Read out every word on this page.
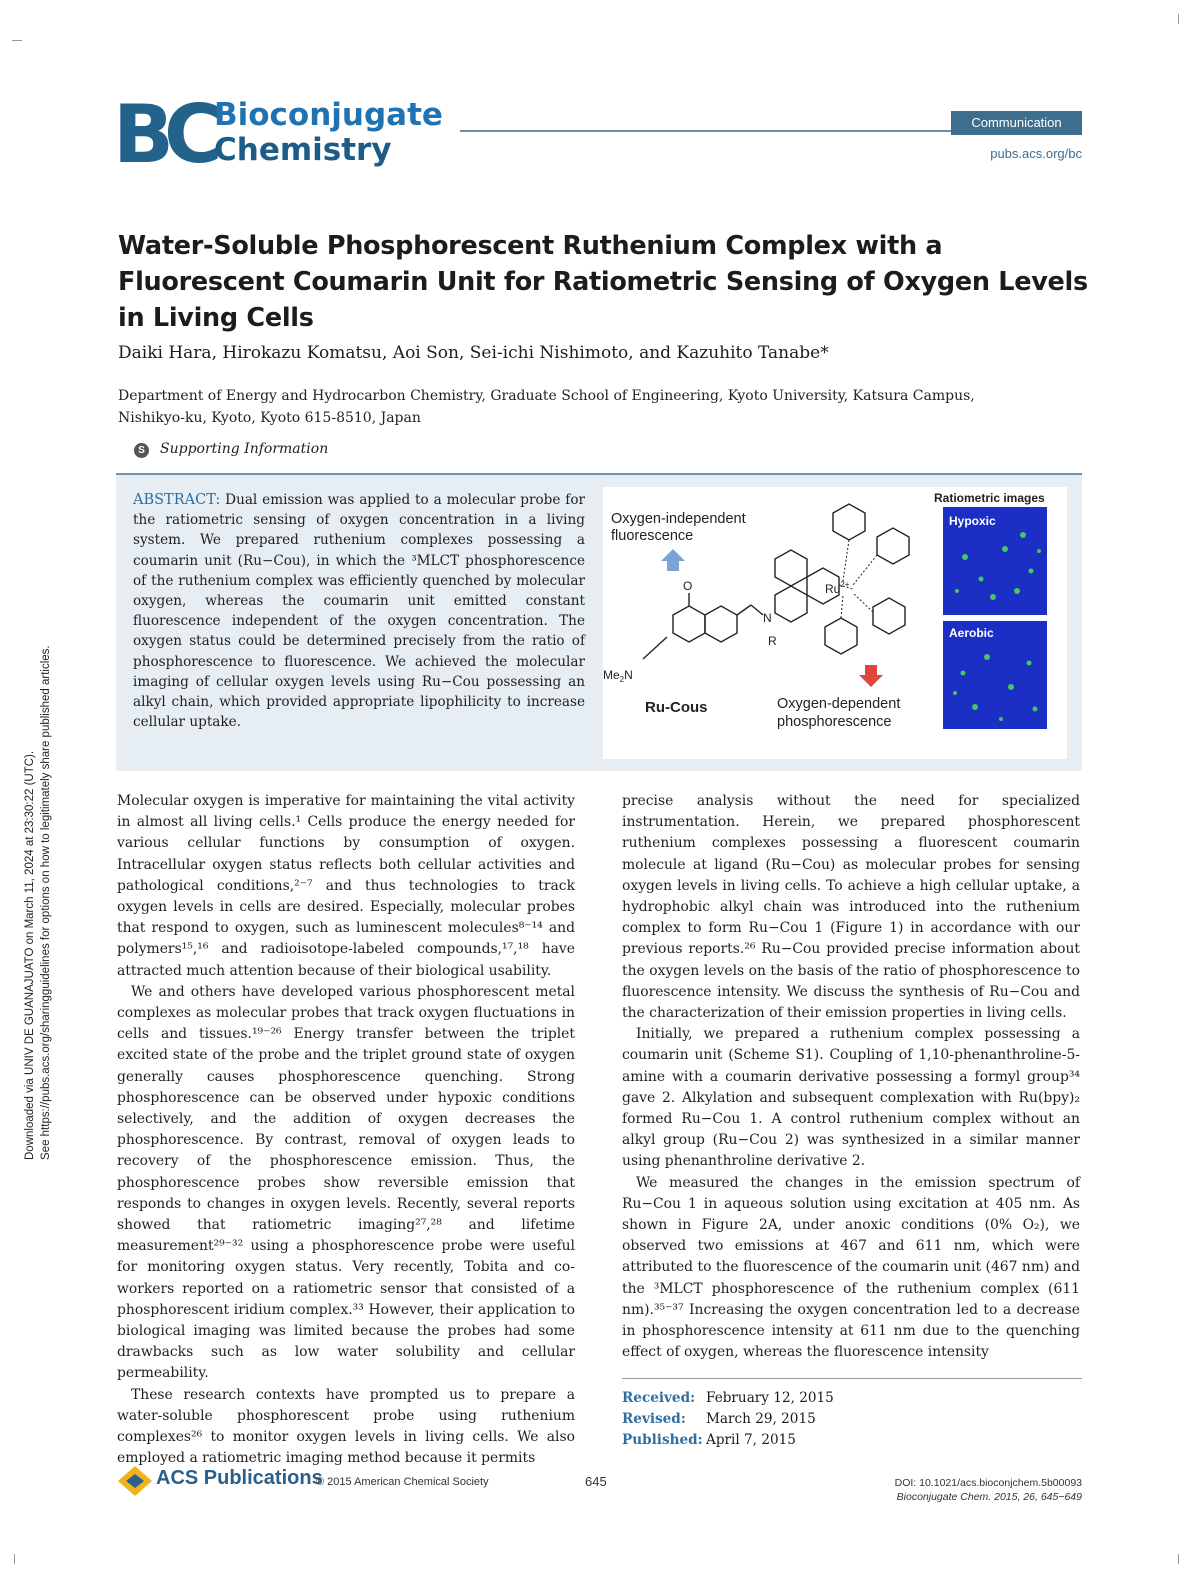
BC Bioconjugate
Chemistry
Communication
pubs.acs.org/bc
Water-Soluble Phosphorescent Ruthenium Complex with a Fluorescent Coumarin Unit for Ratiometric Sensing of Oxygen Levels in Living Cells
Daiki Hara, Hirokazu Komatsu, Aoi Son, Sei-ichi Nishimoto, and Kazuhito Tanabe*
Department of Energy and Hydrocarbon Chemistry, Graduate School of Engineering, Kyoto University, Katsura Campus,
Nishikyo-ku, Kyoto, Kyoto 615-8510, Japan
S Supporting Information
ABSTRACT: Dual emission was applied to a molecular probe for the ratiometric sensing of oxygen concentration in a living system. We prepared ruthenium complexes possessing a coumarin unit (Ru−Cou), in which the ³MLCT phosphorescence of the ruthenium complex was efficiently quenched by molecular oxygen, whereas the coumarin unit emitted constant fluorescence independent of the oxygen concentration. The oxygen status could be determined precisely from the ratio of phosphorescence to fluorescence. We achieved the molecular imaging of cellular oxygen levels using Ru−Cou possessing an alkyl chain, which provided appropriate lipophilicity to increase cellular uptake.
Oxygen-independent
fluorescence
O
N
R
$Me_2N$
Ru-Cous
$Ru^{2+}$
Oxygen-dependent
phosphorescence
Ratiometric images
Hypoxic
Aerobic

Molecular oxygen is imperative for maintaining the vital activity in almost all living cells.¹ Cells produce the energy needed for various cellular functions by consumption of oxygen. Intracellular oxygen status reflects both cellular activities and pathological conditions,²⁻⁷ and thus technologies to track oxygen levels in cells are desired. Especially, molecular probes that respond to oxygen, such as luminescent molecules⁸⁻¹⁴ and polymers¹⁵,¹⁶ and radioisotope-labeled compounds,¹⁷,¹⁸ have attracted much attention because of their biological usability.

We and others have developed various phosphorescent metal complexes as molecular probes that track oxygen fluctuations in cells and tissues.¹⁹⁻²⁶ Energy transfer between the triplet excited state of the probe and the triplet ground state of oxygen generally causes phosphorescence quenching. Strong phosphorescence can be observed under hypoxic conditions selectively, and the addition of oxygen decreases the phosphorescence. By contrast, removal of oxygen leads to recovery of the phosphorescence emission. Thus, the phosphorescence probes show reversible emission that responds to changes in oxygen levels. Recently, several reports showed that ratiometric imaging²⁷,²⁸ and lifetime measurement²⁹⁻³² using a phosphorescence probe were useful for monitoring oxygen status. Very recently, Tobita and co-workers reported on a ratiometric sensor that consisted of a phosphorescent iridium complex.³³ However, their application to biological imaging was limited because the probes had some drawbacks such as low water solubility and cellular permeability.

These research contexts have prompted us to prepare a water-soluble phosphorescent probe using ruthenium complexes²⁶ to monitor oxygen levels in living cells. We also employed a ratiometric imaging method because it permits

precise analysis without the need for specialized instrumentation. Herein, we prepared phosphorescent ruthenium complexes possessing a fluorescent coumarin molecule at ligand (Ru−Cou) as molecular probes for sensing oxygen levels in living cells. To achieve a high cellular uptake, a hydrophobic alkyl chain was introduced into the ruthenium complex to form Ru−Cou 1 (Figure 1) in accordance with our previous reports.²⁶ Ru−Cou provided precise information about the oxygen levels on the basis of the ratio of phosphorescence to fluorescence intensity. We discuss the synthesis of Ru−Cou and the characterization of their emission properties in living cells.

Initially, we prepared a ruthenium complex possessing a coumarin unit (Scheme S1). Coupling of 1,10-phenanthroline-5-amine with a coumarin derivative possessing a formyl group³⁴ gave 2. Alkylation and subsequent complexation with Ru(bpy)₂ formed Ru−Cou 1. A control ruthenium complex without an alkyl group (Ru−Cou 2) was synthesized in a similar manner using phenanthroline derivative 2.

We measured the changes in the emission spectrum of Ru−Cou 1 in aqueous solution using excitation at 405 nm. As shown in Figure 2A, under anoxic conditions (0% O₂), we observed two emissions at 467 and 611 nm, which were attributed to the fluorescence of the coumarin unit (467 nm) and the ³MLCT phosphorescence of the ruthenium complex (611 nm).³⁵⁻³⁷ Increasing the oxygen concentration led to a decrease in phosphorescence intensity at 611 nm due to the quenching effect of oxygen, whereas the fluorescence intensity

Received: February 12, 2015
Revised: March 29, 2015
Published: April 7, 2015
ACS Publications
© 2015 American Chemical Society	645	DOI: 10.1021/acs.bioconjchem.5b00093
Bioconjugate Chem. 2015, 26, 645−649
Downloaded via UNIV DE GUANAJUATO on March 11, 2024 at 23:30:22 (UTC). See https://pubs.acs.org/sharingguidelines for options on how to legitimately share published articles.
